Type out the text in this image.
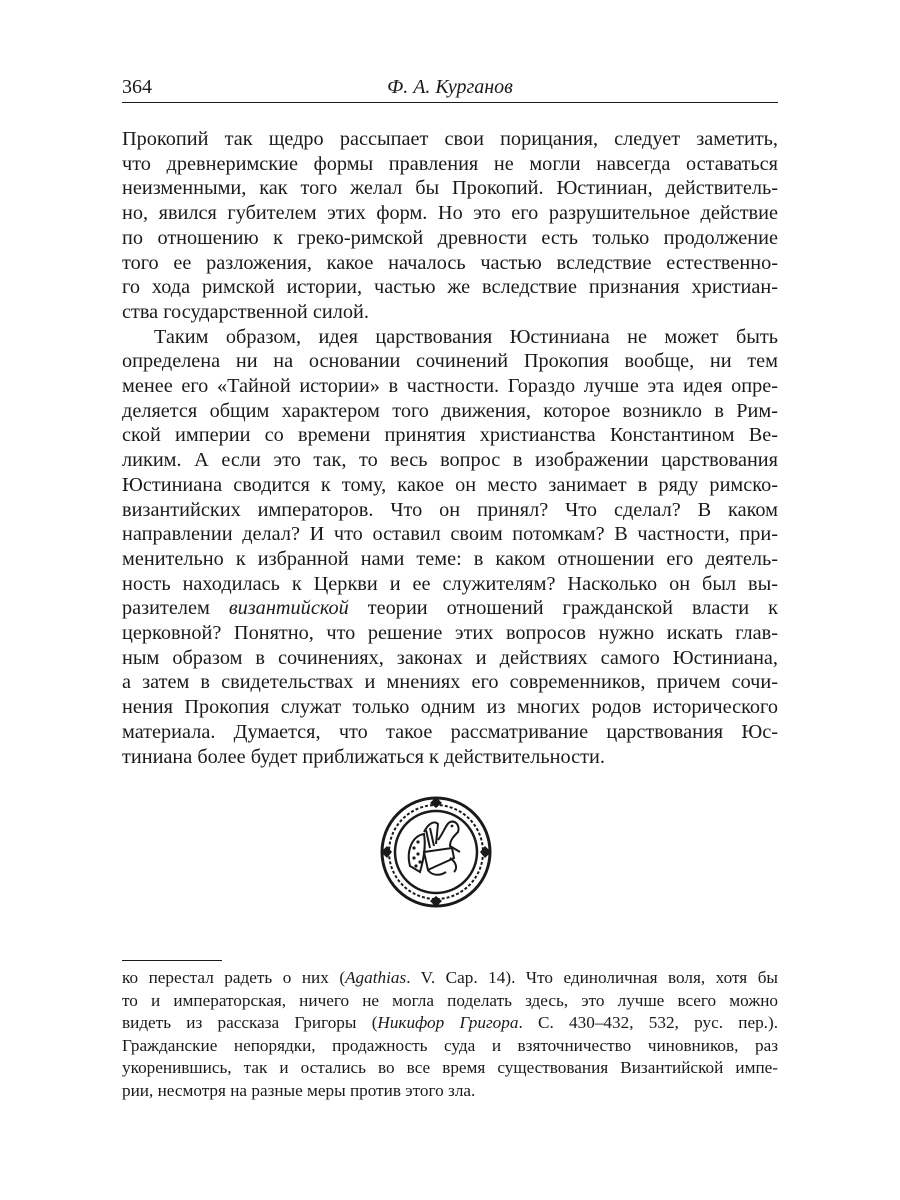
364	Ф. А. Курганов

Прокопий так щедро рассыпает свои порицания, следует заметить,
что древнеримские формы правления не могли навсегда оставаться
неизменными, как того желал бы Прокопий. Юстиниан, действитель-
но, явился губителем этих форм. Но это его разрушительное действие
по отношению к греко-римской древности есть только продолжение
того ее разложения, какое началось частью вследствие естественно-
го хода римской истории, частью же вследствие признания христиан-
ства государственной силой.

Таким образом, идея царствования Юстиниана не может быть
определена ни на основании сочинений Прокопия вообще, ни тем
менее его «Тайной истории» в частности. Гораздо лучше эта идея опре-
деляется общим характером того движения, которое возникло в Рим-
ской империи со времени принятия христианства Константином Ве-
ликим. А если это так, то весь вопрос в изображении царствования
Юстиниана сводится к тому, какое он место занимает в ряду римско-
византийских императоров. Что он принял? Что сделал? В каком
направлении делал? И что оставил своим потомкам? В частности, при-
менительно к избранной нами теме: в каком отношении его деятель-
ность находилась к Церкви и ее служителям? Насколько он был вы-
разителем византийской теории отношений гражданской власти к
церковной? Понятно, что решение этих вопросов нужно искать глав-
ным образом в сочинениях, законах и действиях самого Юстиниана,
а затем в свидетельствах и мнениях его современников, причем сочи-
нения Прокопия служат только одним из многих родов исторического
материала. Думается, что такое рассматривание царствования Юс-
тиниана более будет приближаться к действительности.

ко перестал радеть о них (Agathias. V. Cap. 14). Что единоличная воля, хотя бы
то и императорская, ничего не могла поделать здесь, это лучше всего можно
видеть из рассказа Григоры (Никифор Григора. С. 430–432, 532, рус. пер.).
Гражданские непорядки, продажность суда и взяточничество чиновников, раз
укоренившись, так и остались во все время существования Византийской импе-
рии, несмотря на разные меры против этого зла.
